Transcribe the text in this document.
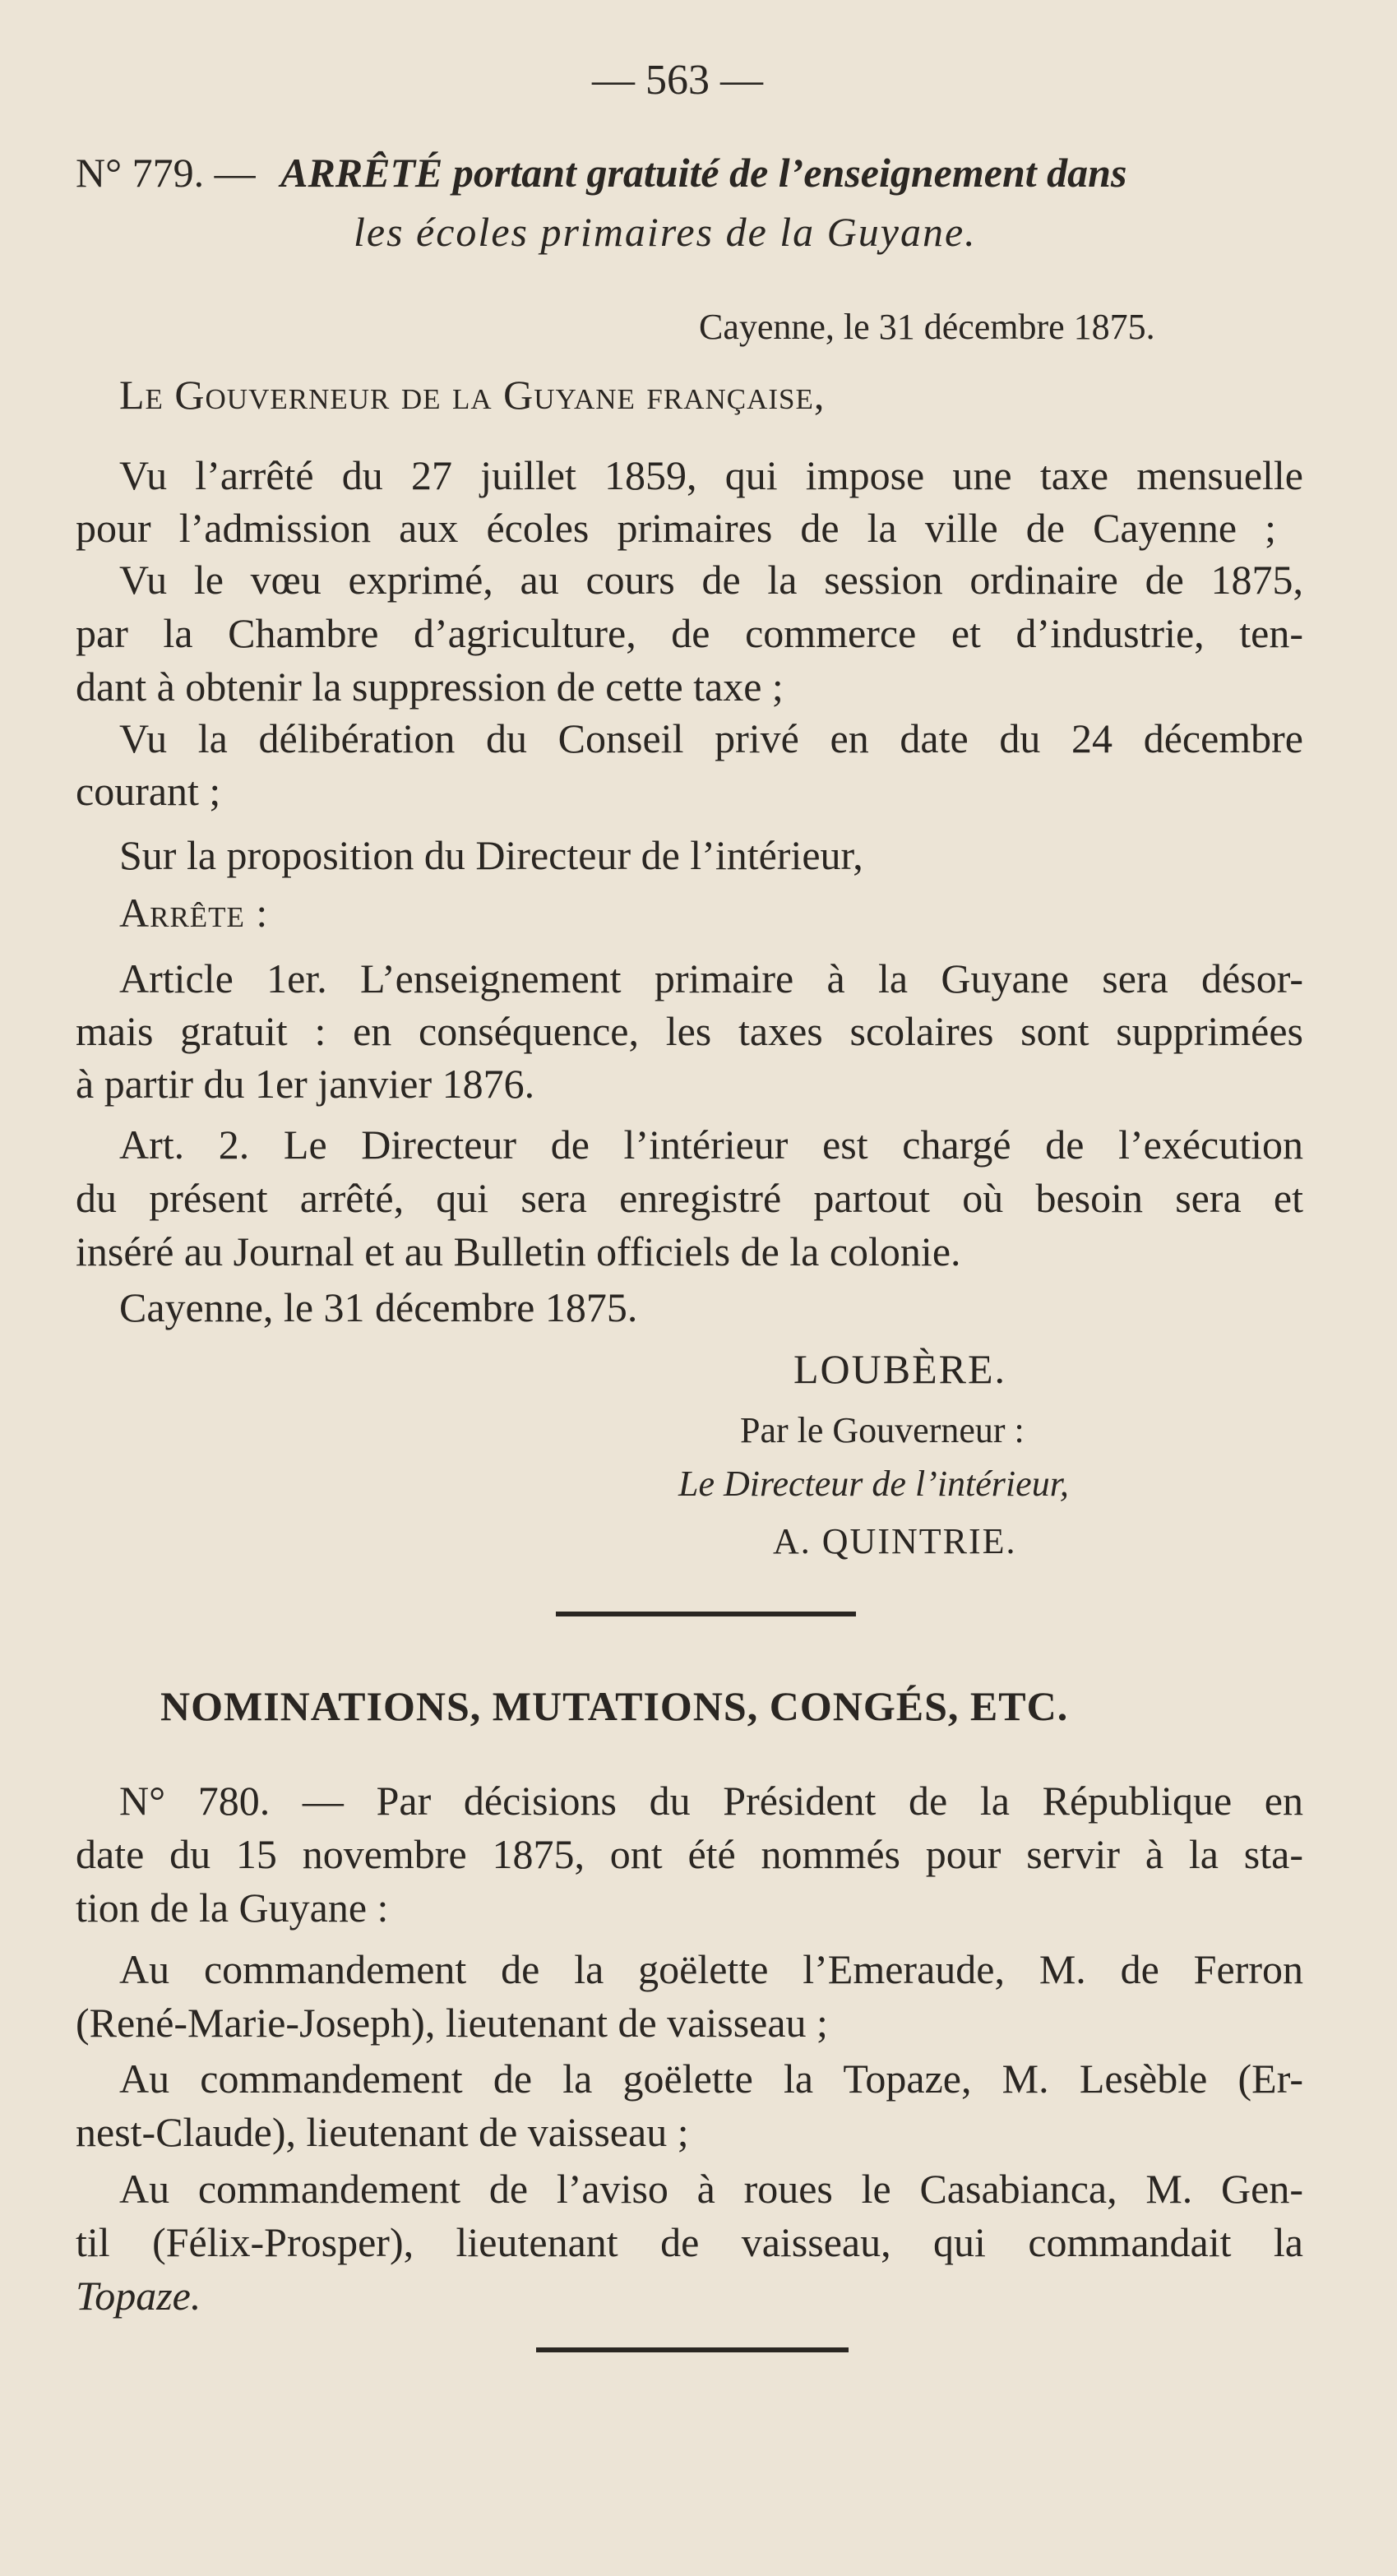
— 563 —
N° 779. — ARRÊTÉ portant gratuité de l’enseignement dans
les écoles primaires de la Guyane.
Cayenne, le 31 décembre 1875.
Le Gouverneur de la Guyane française,
Vu l’arrêté du 27 juillet 1859, qui impose une taxe mensuelle
pour l’admission aux écoles primaires de la ville de Cayenne ;
Vu le vœu exprimé, au cours de la session ordinaire de 1875,
par la Chambre d’agriculture, de commerce et d’industrie, ten-
dant à obtenir la suppression de cette taxe ;
Vu la délibération du Conseil privé en date du 24 décembre
courant ;
Sur la proposition du Directeur de l’intérieur,
Arrête :
Article 1er. L’enseignement primaire à la Guyane sera désor-
mais gratuit : en conséquence, les taxes scolaires sont supprimées
à partir du 1er janvier 1876.
Art. 2. Le Directeur de l’intérieur est chargé de l’exécution
du présent arrêté, qui sera enregistré partout où besoin sera et
inséré au Journal et au Bulletin officiels de la colonie.
Cayenne, le 31 décembre 1875.
LOUBÈRE.
Par le Gouverneur :
Le Directeur de l’intérieur,
A. QUINTRIE.
NOMINATIONS, MUTATIONS, CONGÉS, ETC.
N° 780. — Par décisions du Président de la République en
date du 15 novembre 1875, ont été nommés pour servir à la sta-
tion de la Guyane :
Au commandement de la goëlette l’Emeraude, M. de Ferron
(René-Marie-Joseph), lieutenant de vaisseau ;
Au commandement de la goëlette la Topaze, M. Lesèble (Er-
nest-Claude), lieutenant de vaisseau ;
Au commandement de l’aviso à roues le Casabianca, M. Gen-
til (Félix-Prosper), lieutenant de vaisseau, qui commandait la
Topaze.
